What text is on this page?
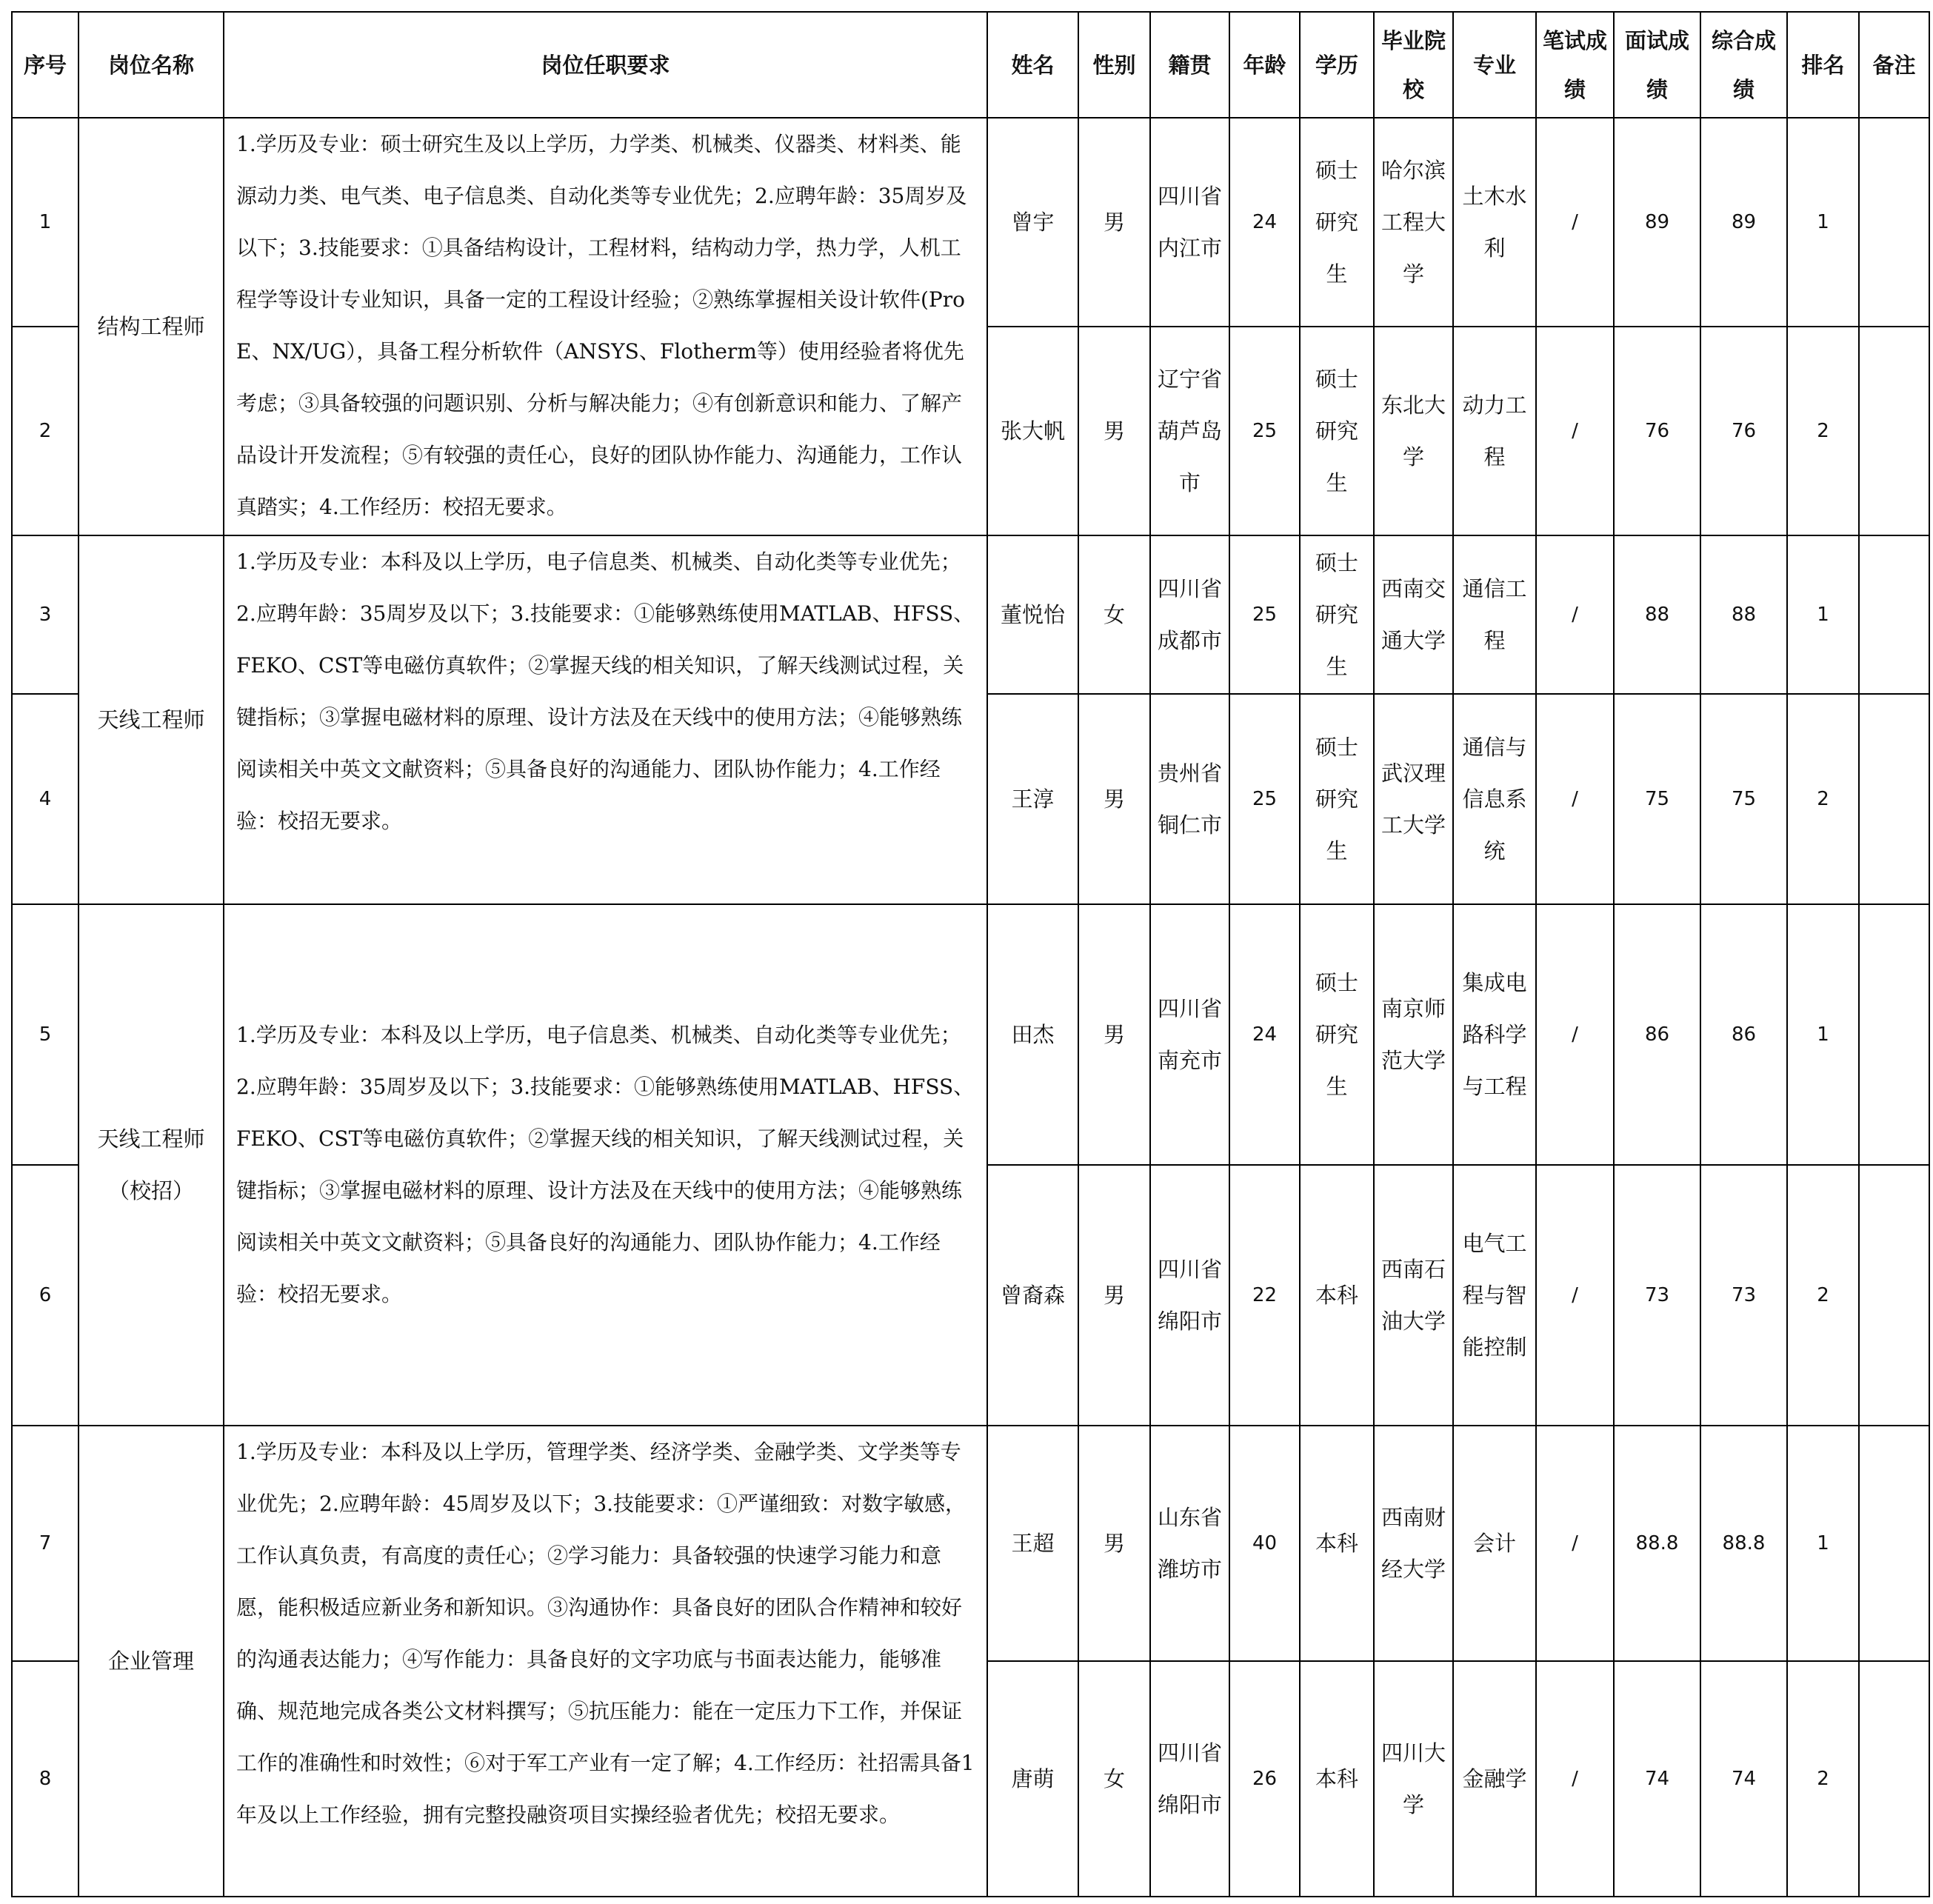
序号	岗位名称	岗位任职要求	姓名	性别	籍贯	年龄	学历	毕业院校	专业	笔试成绩	面试成绩	综合成绩	排名	备注
1	结构工程师	1.学历及专业：硕士研究生及以上学历，力学类、机械类、仪器类、材料类、能源动力类、电气类、电子信息类、自动化类等专业优先；2.应聘年龄：35周岁及以下；3.技能要求：①具备结构设计，工程材料，结构动力学，热力学，人机工程学等设计专业知识，具备一定的工程设计经验；②熟练掌握相关设计软件(ProE、NX/UG），具备工程分析软件（ANSYS、Flotherm等）使用经验者将优先考虑；③具备较强的问题识别、分析与解决能力；④有创新意识和能力、了解产品设计开发流程；⑤有较强的责任心，良好的团队协作能力、沟通能力，工作认真踏实；4.工作经历：校招无要求。	曾宇	男	四川省内江市	24	硕士研究生	哈尔滨工程大学	土木水利	/	89	89	1	
2			张大帆	男	辽宁省葫芦岛市	25	硕士研究生	东北大学	动力工程	/	76	76	2	
3	天线工程师	1.学历及专业：本科及以上学历，电子信息类、机械类、自动化类等专业优先；2.应聘年龄：35周岁及以下；3.技能要求：①能够熟练使用MATLAB、HFSS、FEKO、CST等电磁仿真软件；②掌握天线的相关知识，了解天线测试过程，关键指标；③掌握电磁材料的原理、设计方法及在天线中的使用方法；④能够熟练阅读相关中英文文献资料；⑤具备良好的沟通能力、团队协作能力；4.工作经验：校招无要求。	董悦怡	女	四川省成都市	25	硕士研究生	西南交通大学	通信工程	/	88	88	1	
4			王淳	男	贵州省铜仁市	25	硕士研究生	武汉理工大学	通信与信息系统	/	75	75	2	
5	天线工程师（校招）	1.学历及专业：本科及以上学历，电子信息类、机械类、自动化类等专业优先；2.应聘年龄：35周岁及以下；3.技能要求：①能够熟练使用MATLAB、HFSS、FEKO、CST等电磁仿真软件；②掌握天线的相关知识，了解天线测试过程，关键指标；③掌握电磁材料的原理、设计方法及在天线中的使用方法；④能够熟练阅读相关中英文文献资料；⑤具备良好的沟通能力、团队协作能力；4.工作经验：校招无要求。	田杰	男	四川省南充市	24	硕士研究生	南京师范大学	集成电路科学与工程	/	86	86	1	
6			曾裔森	男	四川省绵阳市	22	本科	西南石油大学	电气工程与智能控制	/	73	73	2	
7	企业管理	1.学历及专业：本科及以上学历，管理学类、经济学类、金融学类、文学类等专业优先；2.应聘年龄：45周岁及以下；3.技能要求：①严谨细致：对数字敏感，工作认真负责，有高度的责任心；②学习能力：具备较强的快速学习能力和意愿，能积极适应新业务和新知识。③沟通协作：具备良好的团队合作精神和较好的沟通表达能力；④写作能力：具备良好的文字功底与书面表达能力，能够准确、规范地完成各类公文材料撰写；⑤抗压能力：能在一定压力下工作，并保证工作的准确性和时效性；⑥对于军工产业有一定了解；4.工作经历：社招需具备1年及以上工作经验，拥有完整投融资项目实操经验者优先；校招无要求。	王超	男	山东省潍坊市	40	本科	西南财经大学	会计	/	88.8	88.8	1	
8			唐萌	女	四川省绵阳市	26	本科	四川大学	金融学	/	74	74	2	
